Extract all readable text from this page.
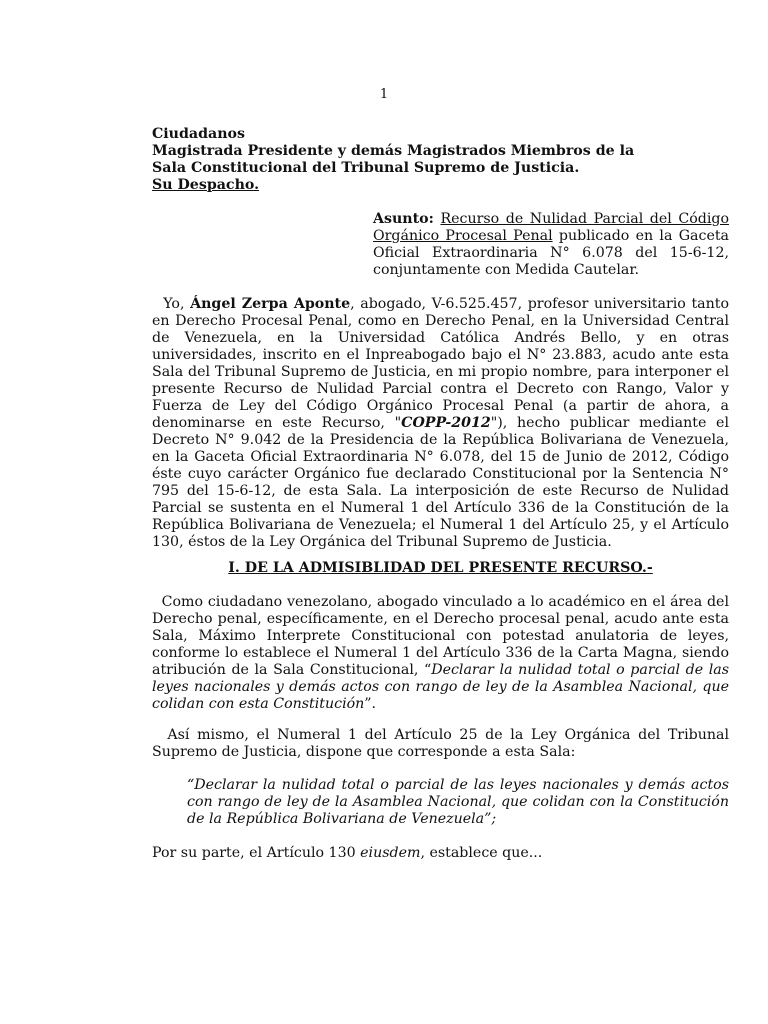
1
Ciudadanos
Magistrada Presidente y demás Magistrados Miembros de la
Sala Constitucional del Tribunal Supremo de Justicia.
Su Despacho.
Asunto: Recurso de Nulidad Parcial del Código Orgánico Procesal Penal publicado en la Gaceta Oficial Extraordinaria N° 6.078 del 15-6-12, conjuntamente con Medida Cautelar.
Yo, Ángel Zerpa Aponte, abogado, V-6.525.457, profesor universitario tanto en Derecho Procesal Penal, como en Derecho Penal, en la Universidad Central de Venezuela, en la Universidad Católica Andrés Bello, y en otras universidades, inscrito en el Inpreabogado bajo el N° 23.883, acudo ante esta Sala del Tribunal Supremo de Justicia, en mi propio nombre, para interponer el presente Recurso de Nulidad Parcial contra el Decreto con Rango, Valor y Fuerza de Ley del Código Orgánico Procesal Penal (a partir de ahora, a denominarse en este Recurso, "COPP-2012"), hecho publicar mediante el Decreto N° 9.042 de la Presidencia de la República Bolivariana de Venezuela, en la Gaceta Oficial Extraordinaria N° 6.078, del 15 de Junio de 2012, Código éste cuyo carácter Orgánico fue declarado Constitucional por la Sentencia N° 795 del 15-6-12, de esta Sala. La interposición de este Recurso de Nulidad Parcial se sustenta en el Numeral 1 del Artículo 336 de la Constitución de la República Bolivariana de Venezuela; el Numeral 1 del Artículo 25, y el Artículo 130, éstos de la Ley Orgánica del Tribunal Supremo de Justicia.
I. DE LA ADMISIBLIDAD DEL PRESENTE RECURSO.-
Como ciudadano venezolano, abogado vinculado a lo académico en el área del Derecho penal, específicamente, en el Derecho procesal penal, acudo ante esta Sala, Máximo Interprete Constitucional con potestad anulatoria de leyes, conforme lo establece el Numeral 1 del Artículo 336 de la Carta Magna, siendo atribución de la Sala Constitucional, “Declarar la nulidad total o parcial de las leyes nacionales y demás actos con rango de ley de la Asamblea Nacional, que colidan con esta Constitución”.
Así mismo, el Numeral 1 del Artículo 25 de la Ley Orgánica del Tribunal Supremo de Justicia, dispone que corresponde a esta Sala:
“Declarar la nulidad total o parcial de las leyes nacionales y demás actos con rango de ley de la Asamblea Nacional, que colidan con la Constitución de la República Bolivariana de Venezuela”;
Por su parte, el Artículo 130 eiusdem, establece que...
